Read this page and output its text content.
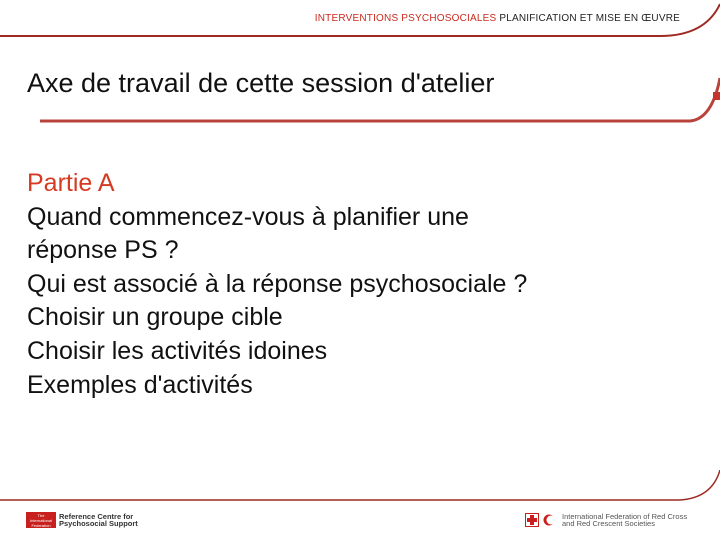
INTERVENTIONS PSYCHOSOCIALES PLANIFICATION ET MISE EN ŒUVRE
Axe de travail de cette session d'atelier
Partie A
Quand commencez-vous à planifier une
réponse PS ?
Qui est associé à la réponse psychosociale ?
Choisir un groupe cible
Choisir les activités idoines
Exemples d'activités
The International Federation
Reference Centre for Psychosocial Support
International Federation of Red Cross and Red Crescent Societies
